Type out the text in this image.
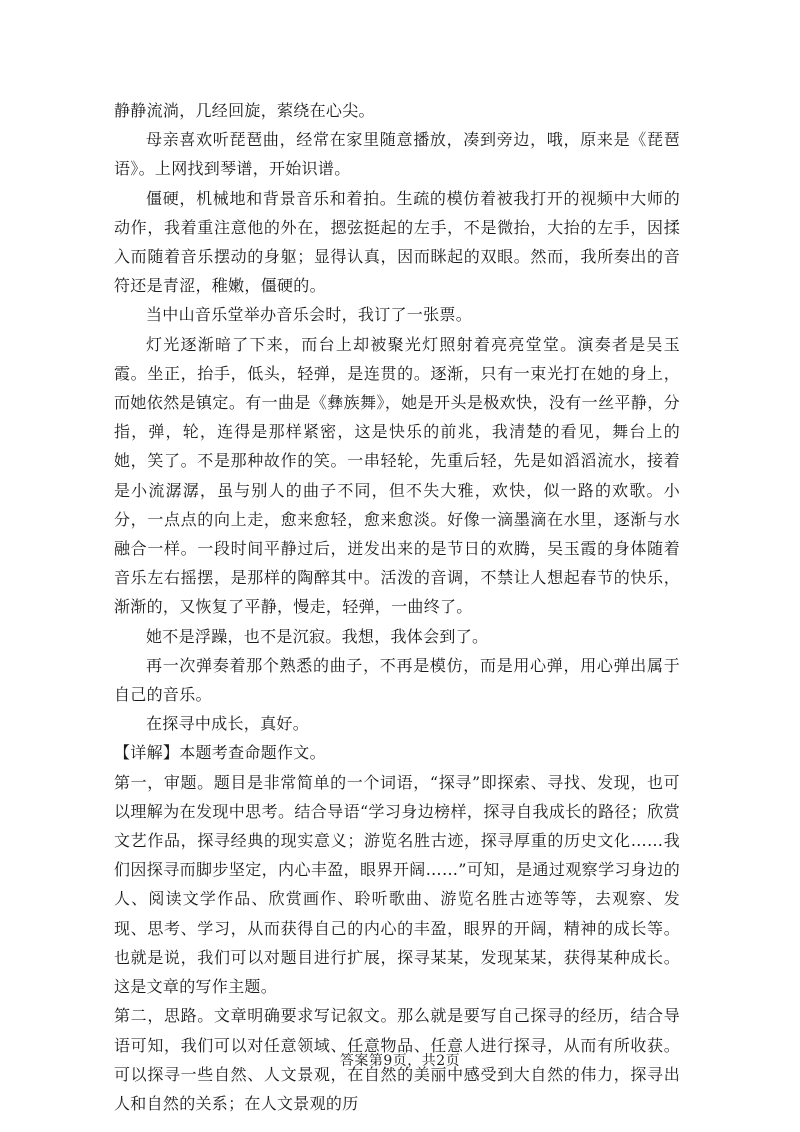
静静流淌，几经回旋，萦绕在心尖。

母亲喜欢听琵琶曲，经常在家里随意播放，凑到旁边，哦，原来是《琵琶语》。上网找到琴谱，开始识谱。

僵硬，机械地和背景音乐和着拍。生疏的模仿着被我打开的视频中大师的动作，我着重注意他的外在，摁弦挺起的左手，不是微抬，大抬的左手，因揉入而随着音乐摆动的身躯；显得认真，因而眯起的双眼。然而，我所奏出的音符还是青涩，稚嫩，僵硬的。

当中山音乐堂举办音乐会时，我订了一张票。

灯光逐渐暗了下来，而台上却被聚光灯照射着亮亮堂堂。演奏者是吴玉霞。坐正，抬手，低头，轻弹，是连贯的。逐渐，只有一束光打在她的身上，而她依然是镇定。有一曲是《彝族舞》，她是开头是极欢快，没有一丝平静，分指，弹，轮，连得是那样紧密，这是快乐的前兆，我清楚的看见，舞台上的她，笑了。不是那种故作的笑。一串轻轮，先重后轻，先是如滔滔流水，接着是小流潺潺，虽与别人的曲子不同，但不失大雅，欢快，似一路的欢歌。小分，一点点的向上走，愈来愈轻，愈来愈淡。好像一滴墨滴在水里，逐渐与水融合一样。一段时间平静过后，迸发出来的是节日的欢腾，吴玉霞的身体随着音乐左右摇摆，是那样的陶醉其中。活泼的音调，不禁让人想起春节的快乐，渐渐的，又恢复了平静，慢走，轻弹，一曲终了。

她不是浮躁，也不是沉寂。我想，我体会到了。

再一次弹奏着那个熟悉的曲子，不再是模仿，而是用心弹，用心弹出属于自己的音乐。

在探寻中成长，真好。

【详解】本题考查命题作文。

第一，审题。题目是非常简单的一个词语，“探寻”即探索、寻找、发现，也可以理解为在发现中思考。结合导语“学习身边榜样，探寻自我成长的路径；欣赏文艺作品，探寻经典的现实意义；游览名胜古迹，探寻厚重的历史文化……我们因探寻而脚步坚定，内心丰盈，眼界开阔……”可知，是通过观察学习身边的人、阅读文学作品、欣赏画作、聆听歌曲、游览名胜古迹等等，去观察、发现、思考、学习，从而获得自己的内心的丰盈，眼界的开阔，精神的成长等。也就是说，我们可以对题目进行扩展，探寻某某，发现某某，获得某种成长。这是文章的写作主题。

第二，思路。文章明确要求写记叙文。那么就是要写自己探寻的经历，结合导语可知，我们可以对任意领域、任意物品、任意人进行探寻，从而有所收获。可以探寻一些自然、人文景观，在自然的美丽中感受到大自然的伟力，探寻出人和自然的关系；在人文景观的历

答案第9页，共2页
